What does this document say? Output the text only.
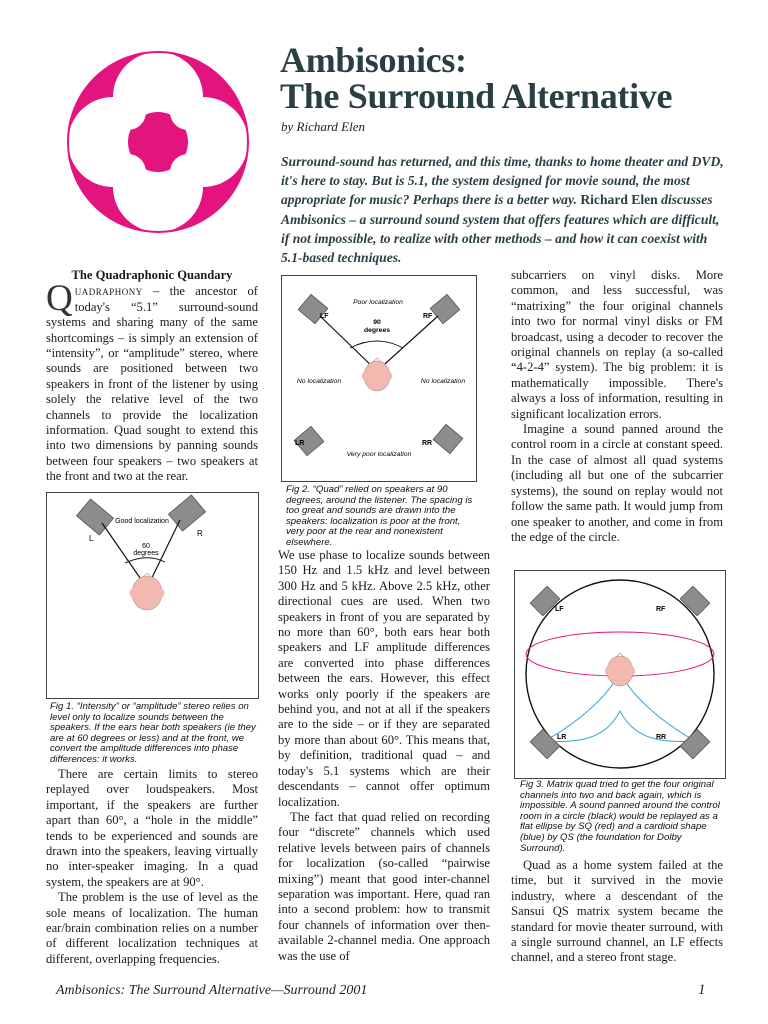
Ambisonics:
The Surround Alternative
by Richard Elen
Surround-sound has returned, and this time, thanks to home theater and DVD, it's here to stay. But is 5.1, the system designed for movie sound, the most appropriate for music? Perhaps there is a better way. Richard Elen discusses Ambisonics – a surround sound system that offers features which are difficult, if not impossible, to realize with other methods – and how it can coexist with 5.1-based techniques.
The Quadraphonic Quandary

Quadraphony – the ancestor of today's “5.1” surround-sound systems and sharing many of the same shortcomings – is simply an extension of “intensity”, or “amplitude” stereo, where sounds are positioned between two speakers in front of the listener by using solely the relative level of the two channels to provide the localization information. Quad sought to extend this into two dimensions by panning sounds between four speakers – two speakers at the front and two at the rear.

Good localization
60
degrees
L
R
Fig 1. “Intensity” or “amplitude” stereo relies on level only to localize sounds between the speakers. If the ears hear both speakers (ie they are at 60 degrees or less) and at the front, we convert the amplitude differences into phase differences: it works.

There are certain limits to stereo replayed over loudspeakers. Most important, if the speakers are further apart than 60°, a “hole in the middle” tends to be experienced and sounds are drawn into the speakers, leaving virtually no inter-speaker imaging. In a quad system, the speakers are at 90°.

The problem is the use of level as the sole means of localization. The human ear/brain combination relies on a number of different localization techniques at different, overlapping frequencies.

Poor localization
LF	RF
90
degrees
No localization	No localization
LR	RR
Very poor localization
Fig 2. “Quad” relied on speakers at 90 degrees, around the listener. The spacing is too great and sounds are drawn into the speakers: localization is poor at the front, very poor at the rear and nonexistent elsewhere.

We use phase to localize sounds between 150 Hz and 1.5 kHz and level between 300 Hz and 5 kHz. Above 2.5 kHz, other directional cues are used. When two speakers in front of you are separated by no more than 60°, both ears hear both speakers and LF amplitude differences are converted into phase differences between the ears. However, this effect works only poorly if the speakers are behind you, and not at all if the speakers are to the side – or if they are separated by more than about 60°. This means that, by definition, traditional quad – and today's 5.1 systems which are their descendants – cannot offer optimum localization.

The fact that quad relied on recording four “discrete” channels which used relative levels between pairs of channels for localization (so-called “pairwise mixing”) meant that good inter-channel separation was important. Here, quad ran into a second problem: how to transmit four channels of information over then-available 2-channel media. One approach was the use of

subcarriers on vinyl disks. More common, and less successful, was “matrixing” the four original channels into two for normal vinyl disks or FM broadcast, using a decoder to recover the original channels on replay (a so-called “4-2-4” system). The big problem: it is mathematically impossible. There's always a loss of information, resulting in significant localization errors.

Imagine a sound panned around the control room in a circle at constant speed. In the case of almost all quad systems (including all but one of the subcarrier systems), the sound on replay would not follow the same path. It would jump from one speaker to another, and come in from the edge of the circle.

LF	RF
LR	RR
Fig 3. Matrix quad tried to get the four original channels into two and back again, which is impossible. A sound panned around the control room in a circle (black) would be replayed as a flat ellipse by SQ (red) and a cardioid shape (blue) by QS (the foundation for Dolby Surround).

Quad as a home system failed at the time, but it survived in the movie industry, where a descendant of the Sansui QS matrix system became the standard for movie theater surround, with a single surround channel, an LF effects channel, and a stereo front stage.

Ambisonics: The Surround Alternative—Surround 2001	1
